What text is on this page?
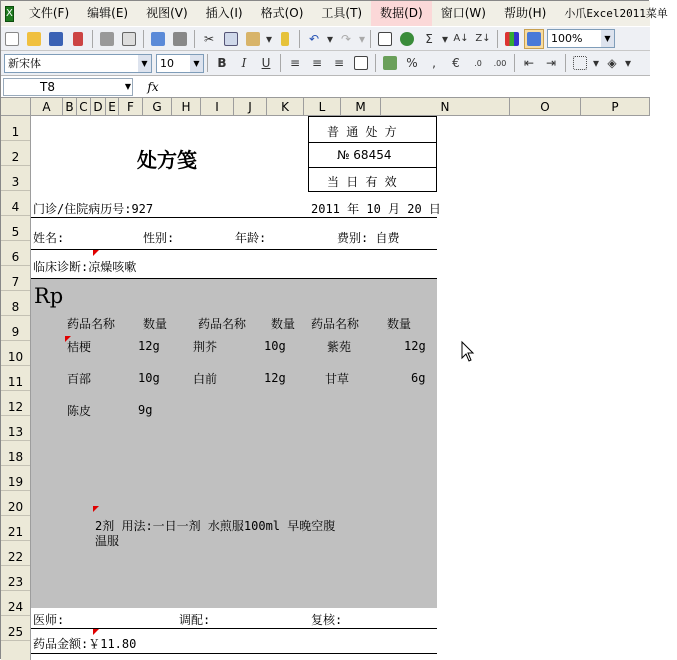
X	文件(F)	编辑(E)	视图(V)	插入(I)	格式(O)	工具(T)	数据(D)	窗口(W)	帮助(H)	小爪Excel2011菜单
✂	▾	↶ ▾ ↷ ▾	Σ ▾ A↓ Z↓	100%	▼
新宋体	▼	10	▼	B	I	U	≡ ≡ ≡	%	,	€	.0	.00	⇤ ⇥	▾ ◈ ▾
T8	▼	fx
A	B C D E F	G	H	I	J	K	L	M	N	O	P
1
2
3
4
5
6
7
8
9
10
11
12
13
18
19
20
21
22
23
24
25
处方笺
普 通 处 方
№ 68454
当 日 有 效
门诊/住院病历号:927	2011 年 10 月 20 日
姓名:	性别:	年龄:	费别: 自费
临床诊断:凉燥咳嗽
Rp
药品名称 数量	药品名称 数量 药品名称 数量
桔梗	12g	荆芥	10g	紫苑	12g
百部	10g	白前	12g	甘草	6g
陈皮	9g
2剂 用法:一日一剂 水煎服100ml 早晚空腹
温服
医师:	调配:	复核:
药品金额:￥11.80
